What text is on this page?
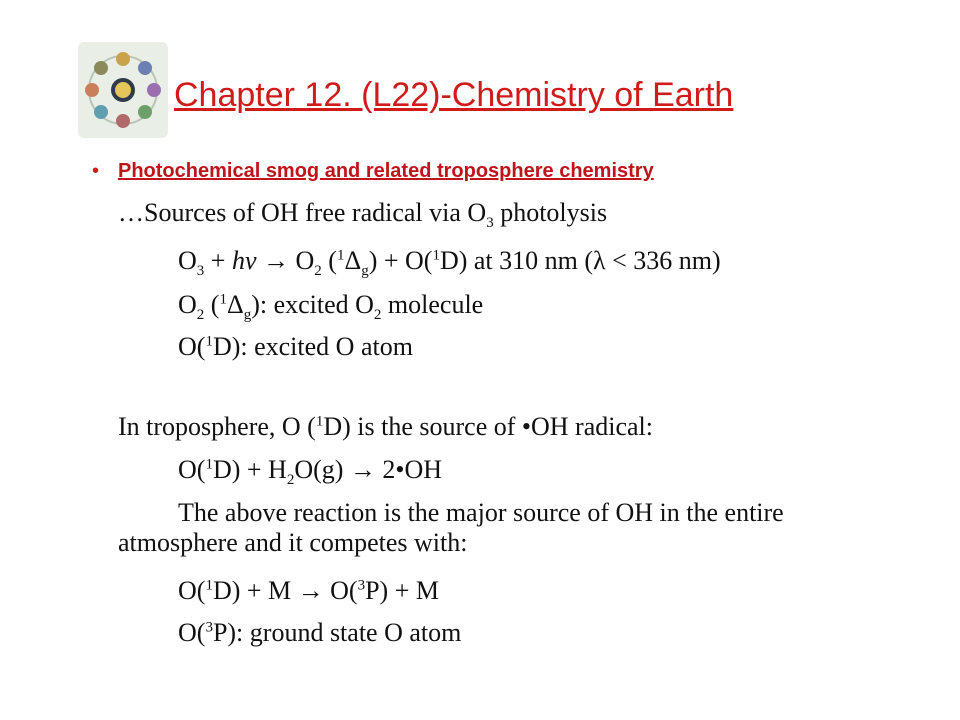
Chapter 12. (L22)-Chemistry of Earth
• Photochemical smog and related troposphere chemistry
…Sources of OH free radical via $O_3$ photolysis
$O_3$ + hv → $O_2$ $(^1\Delta_g) + O(^1D)$ at 310 nm (λ < 336 nm)
$O_2$ $(^1\Delta_g)$: excited $O_2$ molecule
O($^1$D): excited O atom
In troposphere, O ($^1$D) is the source of •OH radical:
$O(^1D) + H_2O(g)$ → 2•OH
The above reaction is the major source of OH in the entire atmosphere and it competes with:
O($^1$D) + M → O($^3$P) + M
O($^3$P): ground state O atom
